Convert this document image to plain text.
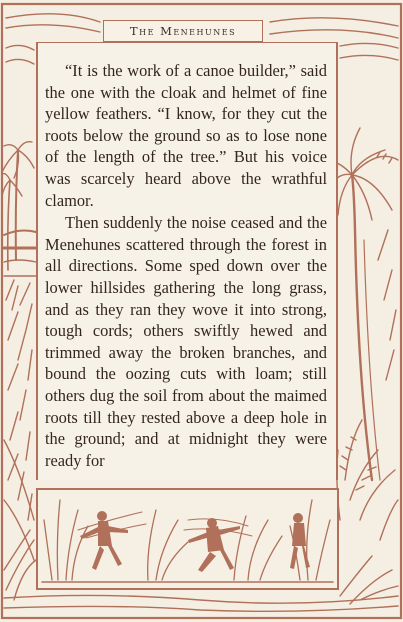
The Menehunes

“It is the work of a canoe builder,” said the one with the cloak and helmet of fine yellow feathers. “I know, for they cut the roots below the ground so as to lose none of the length of the tree.” But his voice was scarcely heard above the wrathful clamor.

Then suddenly the noise ceased and the Menehunes scattered through the forest in all directions. Some sped down over the lower hillsides gathering the long grass, and as they ran they wove it into strong, tough cords; others swiftly hewed and trimmed away the broken branches, and bound the oozing cuts with loam; still others dug the soil from about the maimed roots till they rested above a deep hole in the ground; and at midnight they were ready for
